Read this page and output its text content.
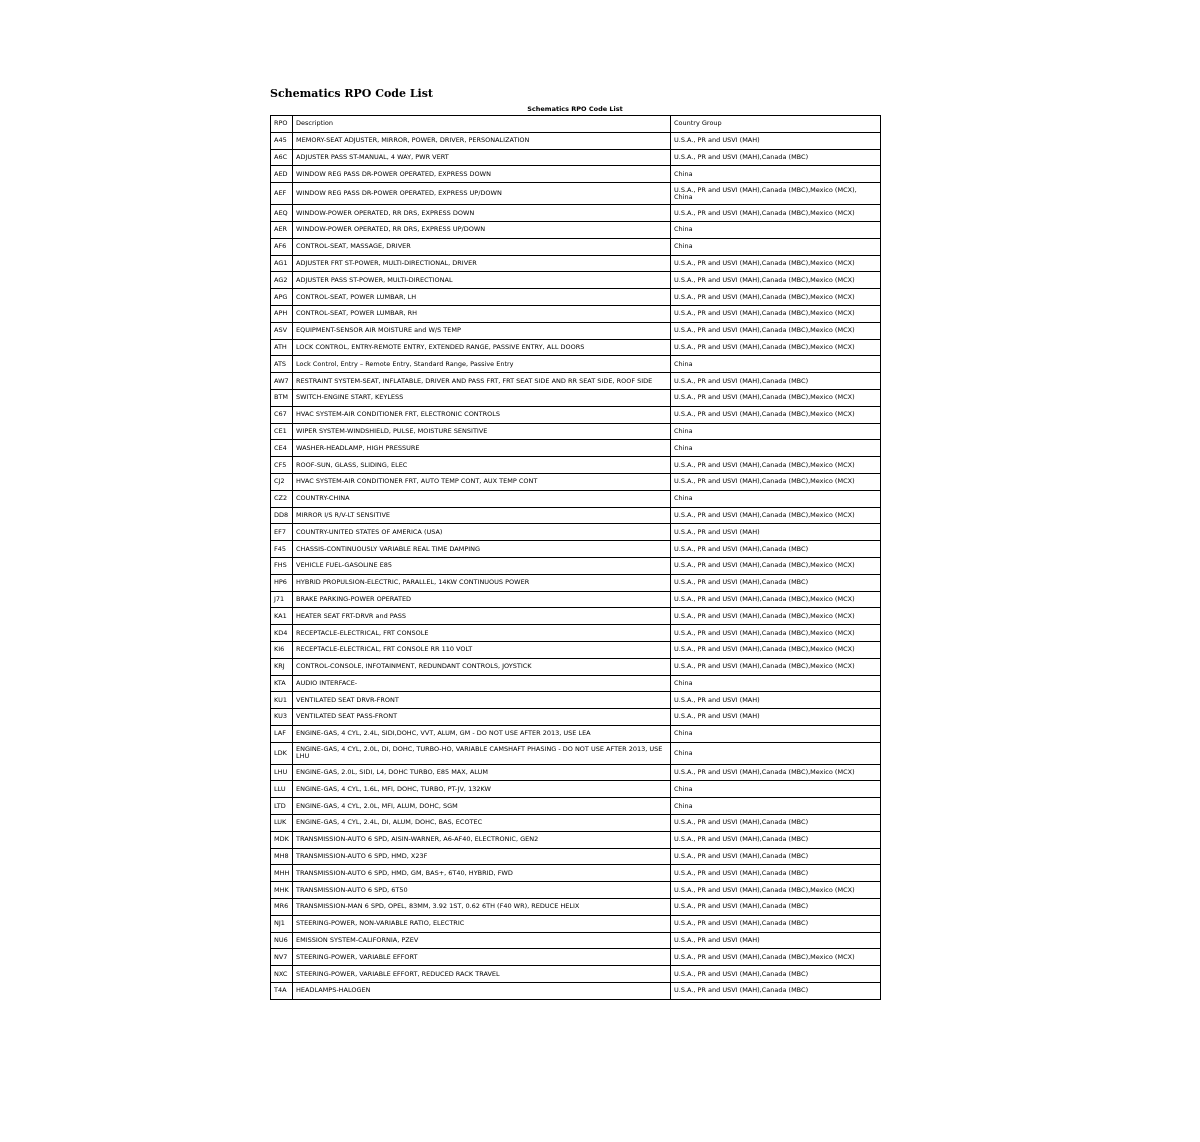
Schematics RPO Code List
Schematics RPO Code List
RPO	Description	Country Group
A45	MEMORY-SEAT ADJUSTER, MIRROR, POWER, DRIVER, PERSONALIZATION	U.S.A., PR and USVI (MAH)
A6C	ADJUSTER PASS ST-MANUAL, 4 WAY, PWR VERT	U.S.A., PR and USVI (MAH),Canada (MBC)
AED	WINDOW REG PASS DR-POWER OPERATED, EXPRESS DOWN	China
AEF	WINDOW REG PASS DR-POWER OPERATED, EXPRESS UP/DOWN	U.S.A., PR and USVI (MAH),Canada (MBC),Mexico (MCX), China
AEQ	WINDOW-POWER OPERATED, RR DRS, EXPRESS DOWN	U.S.A., PR and USVI (MAH),Canada (MBC),Mexico (MCX)
AER	WINDOW-POWER OPERATED, RR DRS, EXPRESS UP/DOWN	China
AF6	CONTROL-SEAT, MASSAGE, DRIVER	China
AG1	ADJUSTER FRT ST-POWER, MULTI-DIRECTIONAL, DRIVER	U.S.A., PR and USVI (MAH),Canada (MBC),Mexico (MCX)
AG2	ADJUSTER PASS ST-POWER, MULTI-DIRECTIONAL	U.S.A., PR and USVI (MAH),Canada (MBC),Mexico (MCX)
APG	CONTROL-SEAT, POWER LUMBAR, LH	U.S.A., PR and USVI (MAH),Canada (MBC),Mexico (MCX)
APH	CONTROL-SEAT, POWER LUMBAR, RH	U.S.A., PR and USVI (MAH),Canada (MBC),Mexico (MCX)
ASV	EQUIPMENT-SENSOR AIR MOISTURE and W/S TEMP	U.S.A., PR and USVI (MAH),Canada (MBC),Mexico (MCX)
ATH	LOCK CONTROL, ENTRY-REMOTE ENTRY, EXTENDED RANGE, PASSIVE ENTRY, ALL DOORS	U.S.A., PR and USVI (MAH),Canada (MBC),Mexico (MCX)
ATS	Lock Control, Entry – Remote Entry, Standard Range, Passive Entry	China
AW7	RESTRAINT SYSTEM-SEAT, INFLATABLE, DRIVER AND PASS FRT, FRT SEAT SIDE AND RR SEAT SIDE, ROOF SIDE	U.S.A., PR and USVI (MAH),Canada (MBC)
BTM	SWITCH-ENGINE START, KEYLESS	U.S.A., PR and USVI (MAH),Canada (MBC),Mexico (MCX)
C67	HVAC SYSTEM-AIR CONDITIONER FRT, ELECTRONIC CONTROLS	U.S.A., PR and USVI (MAH),Canada (MBC),Mexico (MCX)
CE1	WIPER SYSTEM-WINDSHIELD, PULSE, MOISTURE SENSITIVE	China
CE4	WASHER-HEADLAMP, HIGH PRESSURE	China
CF5	ROOF-SUN, GLASS, SLIDING, ELEC	U.S.A., PR and USVI (MAH),Canada (MBC),Mexico (MCX)
CJ2	HVAC SYSTEM-AIR CONDITIONER FRT, AUTO TEMP CONT, AUX TEMP CONT	U.S.A., PR and USVI (MAH),Canada (MBC),Mexico (MCX)
CZ2	COUNTRY-CHINA	China
DD8	MIRROR I/S R/V-LT SENSITIVE	U.S.A., PR and USVI (MAH),Canada (MBC),Mexico (MCX)
EF7	COUNTRY-UNITED STATES OF AMERICA (USA)	U.S.A., PR and USVI (MAH)
F45	CHASSIS-CONTINUOUSLY VARIABLE REAL TIME DAMPING	U.S.A., PR and USVI (MAH),Canada (MBC)
FHS	VEHICLE FUEL-GASOLINE E85	U.S.A., PR and USVI (MAH),Canada (MBC),Mexico (MCX)
HP6	HYBRID PROPULSION-ELECTRIC, PARALLEL, 14KW CONTINUOUS POWER	U.S.A., PR and USVI (MAH),Canada (MBC)
J71	BRAKE PARKING-POWER OPERATED	U.S.A., PR and USVI (MAH),Canada (MBC),Mexico (MCX)
KA1	HEATER SEAT FRT-DRVR and PASS	U.S.A., PR and USVI (MAH),Canada (MBC),Mexico (MCX)
KD4	RECEPTACLE-ELECTRICAL, FRT CONSOLE	U.S.A., PR and USVI (MAH),Canada (MBC),Mexico (MCX)
KI6	RECEPTACLE-ELECTRICAL, FRT CONSOLE RR 110 VOLT	U.S.A., PR and USVI (MAH),Canada (MBC),Mexico (MCX)
KRJ	CONTROL-CONSOLE, INFOTAINMENT, REDUNDANT CONTROLS, JOYSTICK	U.S.A., PR and USVI (MAH),Canada (MBC),Mexico (MCX)
KTA	AUDIO INTERFACE-	China
KU1	VENTILATED SEAT DRVR-FRONT	U.S.A., PR and USVI (MAH)
KU3	VENTILATED SEAT PASS-FRONT	U.S.A., PR and USVI (MAH)
LAF	ENGINE-GAS, 4 CYL, 2.4L, SIDI,DOHC, VVT, ALUM, GM - DO NOT USE AFTER 2013, USE LEA	China
LDK	ENGINE-GAS, 4 CYL, 2.0L, DI, DOHC, TURBO-HO, VARIABLE CAMSHAFT PHASING - DO NOT USE AFTER 2013, USE LHU	China
LHU	ENGINE-GAS, 2.0L, SIDI, L4, DOHC TURBO, E85 MAX, ALUM	U.S.A., PR and USVI (MAH),Canada (MBC),Mexico (MCX)
LLU	ENGINE-GAS, 4 CYL, 1.6L, MFI, DOHC, TURBO, PT-JV, 132KW	China
LTD	ENGINE-GAS, 4 CYL, 2.0L, MFI, ALUM, DOHC, SGM	China
LUK	ENGINE-GAS, 4 CYL, 2.4L, DI, ALUM, DOHC, BAS, ECOTEC	U.S.A., PR and USVI (MAH),Canada (MBC)
MDK	TRANSMISSION-AUTO 6 SPD, AISIN-WARNER, A6-AF40, ELECTRONIC, GEN2	U.S.A., PR and USVI (MAH),Canada (MBC)
MH8	TRANSMISSION-AUTO 6 SPD, HMD, X23F	U.S.A., PR and USVI (MAH),Canada (MBC)
MHH	TRANSMISSION-AUTO 6 SPD, HMD, GM, BAS+, 6T40, HYBRID, FWD	U.S.A., PR and USVI (MAH),Canada (MBC)
MHK	TRANSMISSION-AUTO 6 SPD, 6T50	U.S.A., PR and USVI (MAH),Canada (MBC),Mexico (MCX)
MR6	TRANSMISSION-MAN 6 SPD, OPEL, 83MM, 3.92 1ST, 0.62 6TH (F40 WR), REDUCE HELIX	U.S.A., PR and USVI (MAH),Canada (MBC)
NJ1	STEERING-POWER, NON-VARIABLE RATIO, ELECTRIC	U.S.A., PR and USVI (MAH),Canada (MBC)
NU6	EMISSION SYSTEM-CALIFORNIA, PZEV	U.S.A., PR and USVI (MAH)
NV7	STEERING-POWER, VARIABLE EFFORT	U.S.A., PR and USVI (MAH),Canada (MBC),Mexico (MCX)
NXC	STEERING-POWER, VARIABLE EFFORT, REDUCED RACK TRAVEL	U.S.A., PR and USVI (MAH),Canada (MBC)
T4A	HEADLAMPS-HALOGEN	U.S.A., PR and USVI (MAH),Canada (MBC)
